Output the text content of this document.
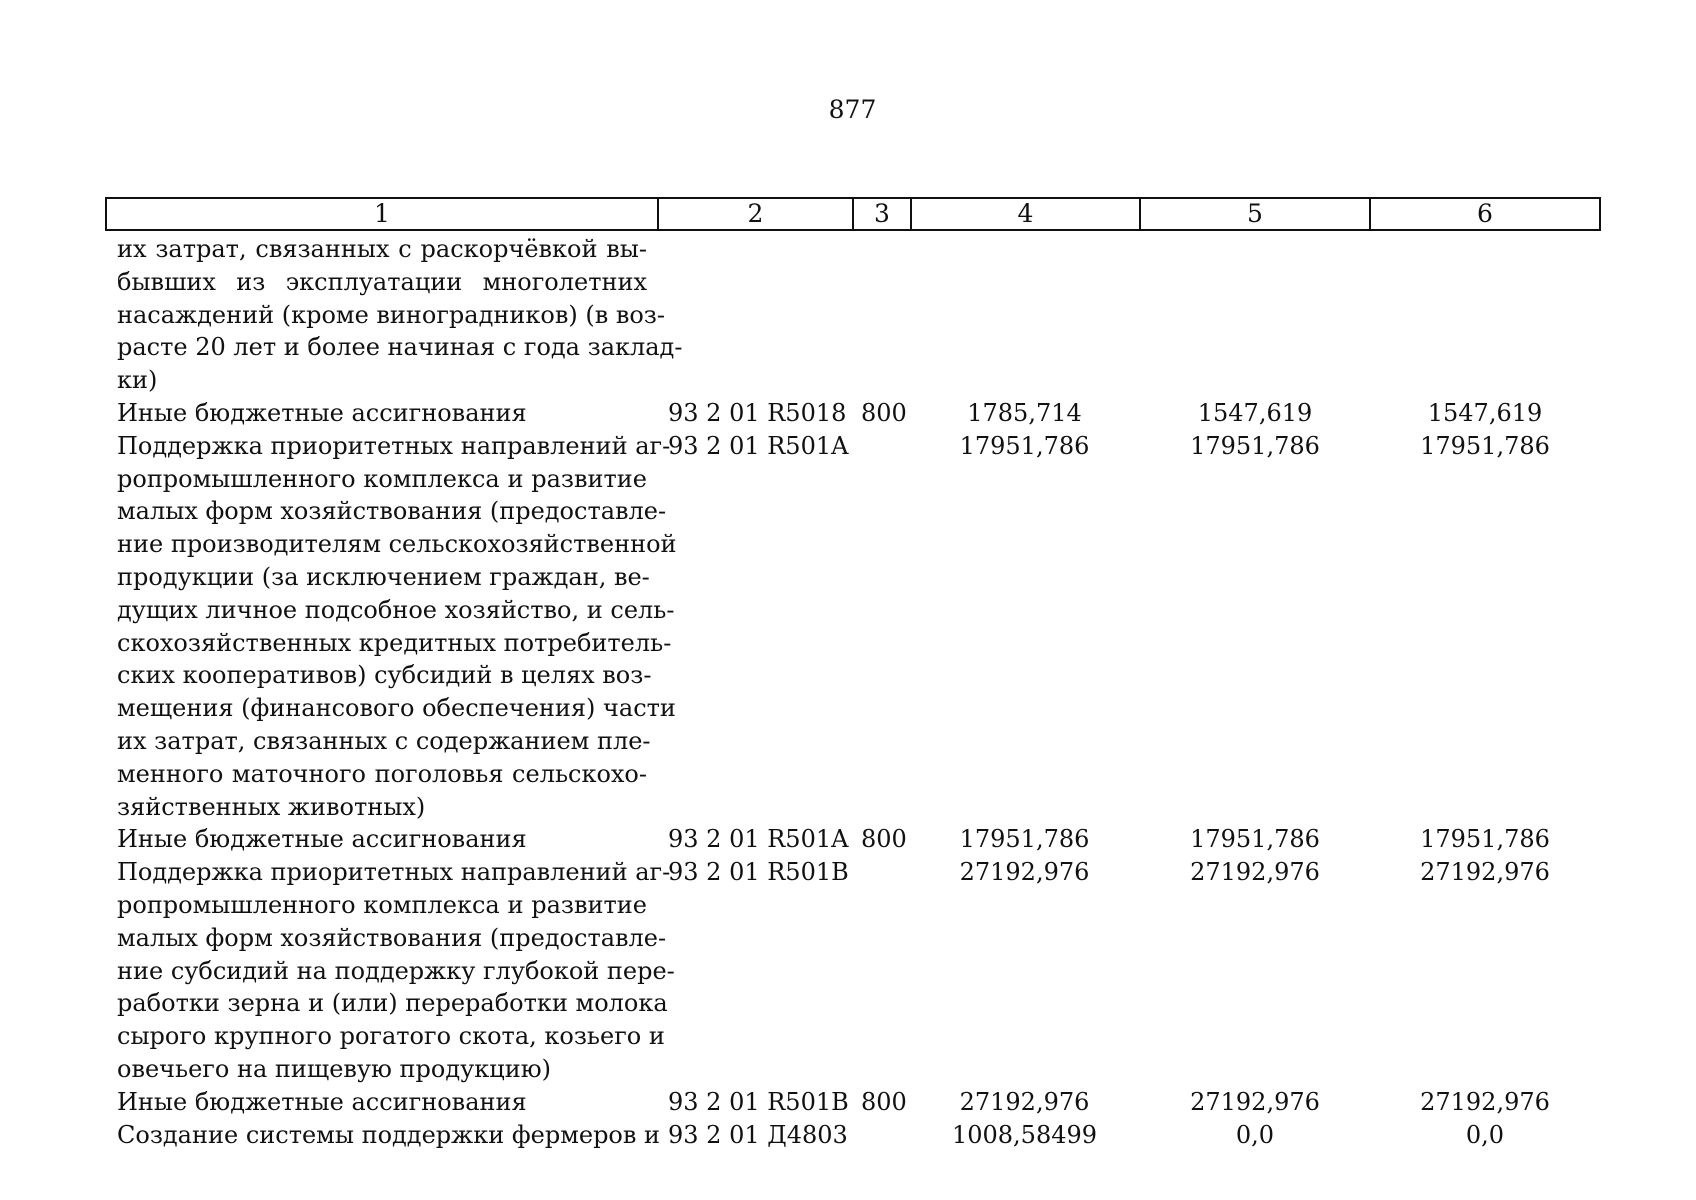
877
1	2	3	4	5	6
их затрат, связанных с раскорчёвкой вы-
бывших из эксплуатации многолетних
насаждений (кроме виноградников) (в воз-
расте 20 лет и более начиная с года заклад-
ки)
Иные бюджетные ассигнования	93 2 01 R5018 800	1785,714	1547,619	1547,619
Поддержка приоритетных направлений аг-
ропромышленного комплекса и развитие
малых форм хозяйствования (предоставле-
ние производителям сельскохозяйственной
продукции (за исключением граждан, ве-
дущих личное подсобное хозяйство, и сель-
скохозяйственных кредитных потребитель-
ских кооперативов) субсидий в целях воз-
мещения (финансового обеспечения) части
их затрат, связанных с содержанием пле-
менного маточного поголовья сельскохо-
зяйственных животных)
93 2 01 R501A	17951,786	17951,786	17951,786
Иные бюджетные ассигнования	93 2 01 R501A 800	17951,786	17951,786	17951,786
Поддержка приоритетных направлений аг-
ропромышленного комплекса и развитие
малых форм хозяйствования (предоставле-
ние субсидий на поддержку глубокой пере-
работки зерна и (или) переработки молока
сырого крупного рогатого скота, козьего и
овечьего на пищевую продукцию)
93 2 01 R501B	27192,976	27192,976	27192,976
Иные бюджетные ассигнования	93 2 01 R501B 800	27192,976	27192,976	27192,976
Создание системы поддержки фермеров и 93 2 01 Д4803	1008,58499	0,0	0,0
